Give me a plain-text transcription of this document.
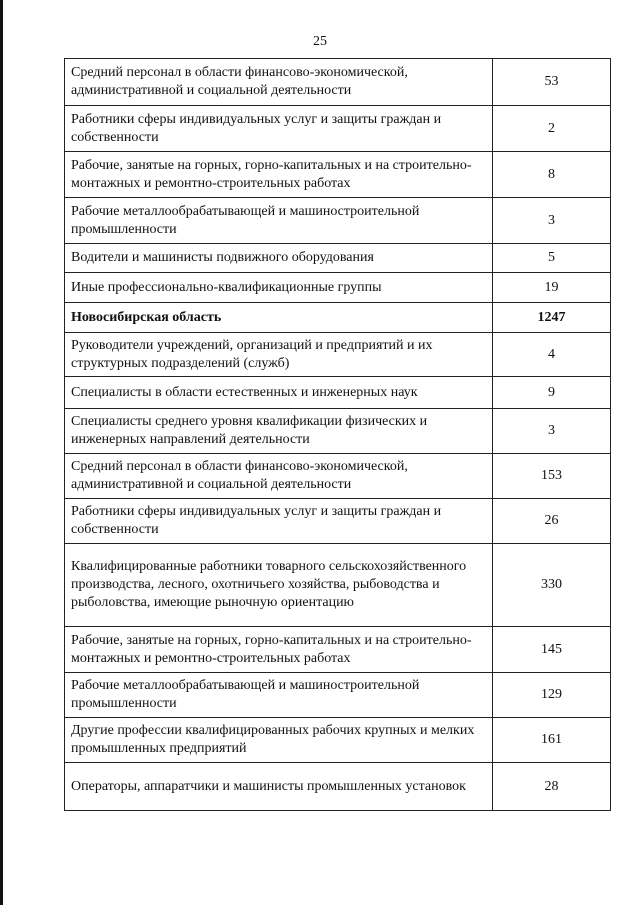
25
Средний персонал в области финансово-экономической, административной и социальной деятельности	53
Работники сферы индивидуальных услуг и защиты граждан и собственности	2
Рабочие, занятые на горных, горно-капитальных и на строительно-монтажных и ремонтно-строительных работах	8
Рабочие металлообрабатывающей и машиностроительной промышленности	3
Водители и машинисты подвижного оборудования	5
Иные профессионально-квалификационные группы	19
Новосибирская область	1247
Руководители учреждений, организаций и предприятий и их структурных подразделений (служб)	4
Специалисты в области естественных и инженерных наук	9
Специалисты среднего уровня квалификации физических и инженерных направлений деятельности	3
Средний персонал в области финансово-экономической, административной и социальной деятельности	153
Работники сферы индивидуальных услуг и защиты граждан и собственности	26
Квалифицированные работники товарного сельскохозяйственного производства, лесного, охотничьего хозяйства, рыбоводства и рыболовства, имеющие рыночную ориентацию	330
Рабочие, занятые на горных, горно-капитальных и на строительно-монтажных и ремонтно-строительных работах	145
Рабочие металлообрабатывающей и машиностроительной промышленности	129
Другие профессии квалифицированных рабочих крупных и мелких промышленных предприятий	161
Операторы, аппаратчики и машинисты промышленных установок	28
